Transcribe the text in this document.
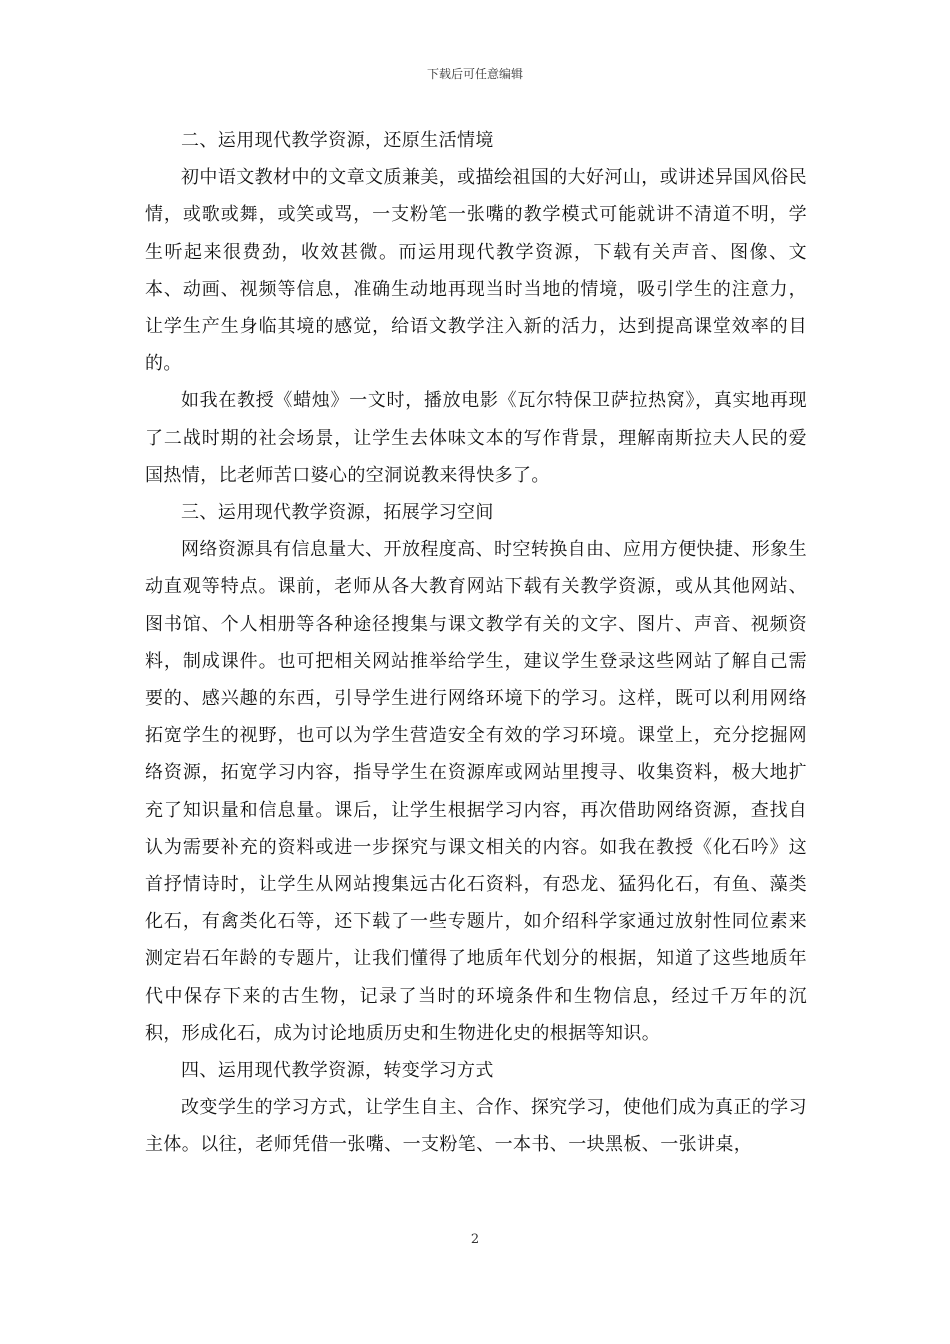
下载后可任意编辑

二、运用现代教学资源，还原生活情境

初中语文教材中的文章文质兼美，或描绘祖国的大好河山，或讲述异国风俗民情，或歌或舞，或笑或骂，一支粉笔一张嘴的教学模式可能就讲不清道不明，学生听起来很费劲，收效甚微。而运用现代教学资源，下载有关声音、图像、文本、动画、视频等信息，准确生动地再现当时当地的情境，吸引学生的注意力，让学生产生身临其境的感觉，给语文教学注入新的活力，达到提高课堂效率的目的。

如我在教授《蜡烛》一文时，播放电影《瓦尔特保卫萨拉热窝》，真实地再现了二战时期的社会场景，让学生去体味文本的写作背景，理解南斯拉夫人民的爱国热情，比老师苦口婆心的空洞说教来得快多了。

三、运用现代教学资源，拓展学习空间

网络资源具有信息量大、开放程度高、时空转换自由、应用方便快捷、形象生动直观等特点。课前，老师从各大教育网站下载有关教学资源，或从其他网站、图书馆、个人相册等各种途径搜集与课文教学有关的文字、图片、声音、视频资料，制成课件。也可把相关网站推举给学生，建议学生登录这些网站了解自己需要的、感兴趣的东西，引导学生进行网络环境下的学习。这样，既可以利用网络拓宽学生的视野，也可以为学生营造安全有效的学习环境。课堂上，充分挖掘网络资源，拓宽学习内容，指导学生在资源库或网站里搜寻、收集资料，极大地扩充了知识量和信息量。课后，让学生根据学习内容，再次借助网络资源，查找自认为需要补充的资料或进一步探究与课文相关的内容。如我在教授《化石吟》这首抒情诗时，让学生从网站搜集远古化石资料，有恐龙、猛犸化石，有鱼、藻类化石，有禽类化石等，还下载了一些专题片，如介绍科学家通过放射性同位素来测定岩石年龄的专题片，让我们懂得了地质年代划分的根据，知道了这些地质年代中保存下来的古生物，记录了当时的环境条件和生物信息，经过千万年的沉积，形成化石，成为讨论地质历史和生物进化史的根据等知识。

四、运用现代教学资源，转变学习方式

改变学生的学习方式，让学生自主、合作、探究学习，使他们成为真正的学习主体。以往，老师凭借一张嘴、一支粉笔、一本书、一块黑板、一张讲桌，

2
